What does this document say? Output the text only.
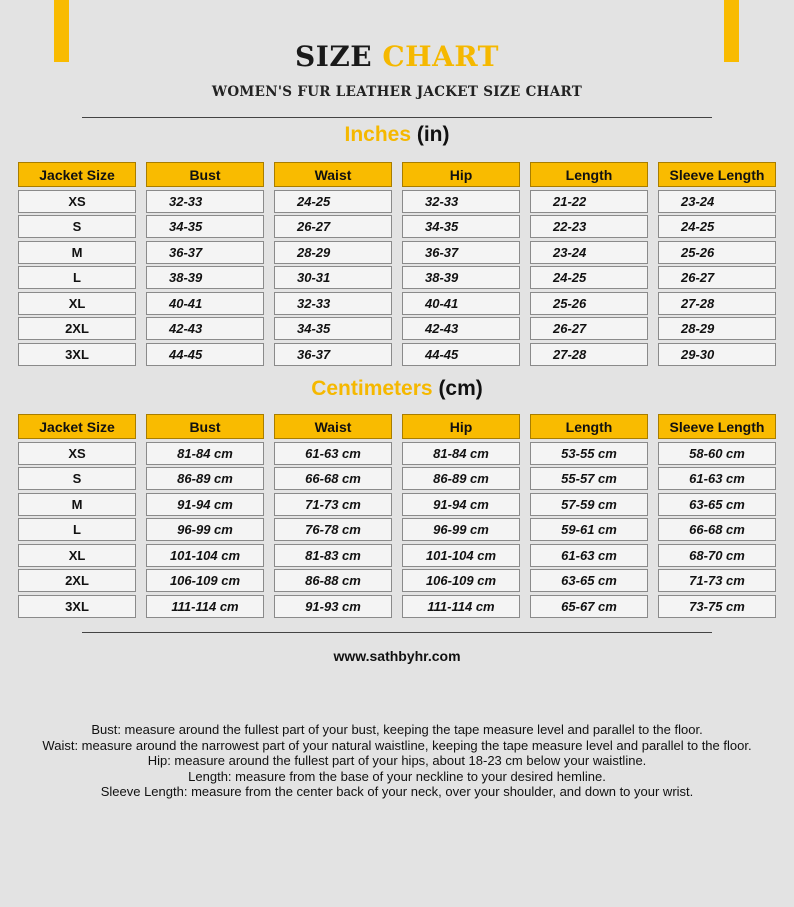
SIZE CHART
WOMEN'S FUR LEATHER JACKET SIZE CHART
Inches (in)
Jacket Size	Bust	Waist	Hip	Length	Sleeve Length
XS	32-33	24-25	32-33	21-22	23-24
S	34-35	26-27	34-35	22-23	24-25
M	36-37	28-29	36-37	23-24	25-26
L	38-39	30-31	38-39	24-25	26-27
XL	40-41	32-33	40-41	25-26	27-28
2XL	42-43	34-35	42-43	26-27	28-29
3XL	44-45	36-37	44-45	27-28	29-30
Centimeters (cm)
Jacket Size	Bust	Waist	Hip	Length	Sleeve Length
XS	81-84 cm	61-63 cm	81-84 cm	53-55 cm	58-60 cm
S	86-89 cm	66-68 cm	86-89 cm	55-57 cm	61-63 cm
M	91-94 cm	71-73 cm	91-94 cm	57-59 cm	63-65 cm
L	96-99 cm	76-78 cm	96-99 cm	59-61 cm	66-68 cm
XL	101-104 cm	81-83 cm	101-104 cm	61-63 cm	68-70 cm
2XL	106-109 cm	86-88 cm	106-109 cm	63-65 cm	71-73 cm
3XL	111-114 cm	91-93 cm	111-114 cm	65-67 cm	73-75 cm
www.sathbyhr.com
Bust: measure around the fullest part of your bust, keeping the tape measure level and parallel to the floor.
Waist: measure around the narrowest part of your natural waistline, keeping the tape measure level and parallel to the floor.
Hip: measure around the fullest part of your hips, about 18-23 cm below your waistline.
Length: measure from the base of your neckline to your desired hemline.
Sleeve Length: measure from the center back of your neck, over your shoulder, and down to your wrist.
